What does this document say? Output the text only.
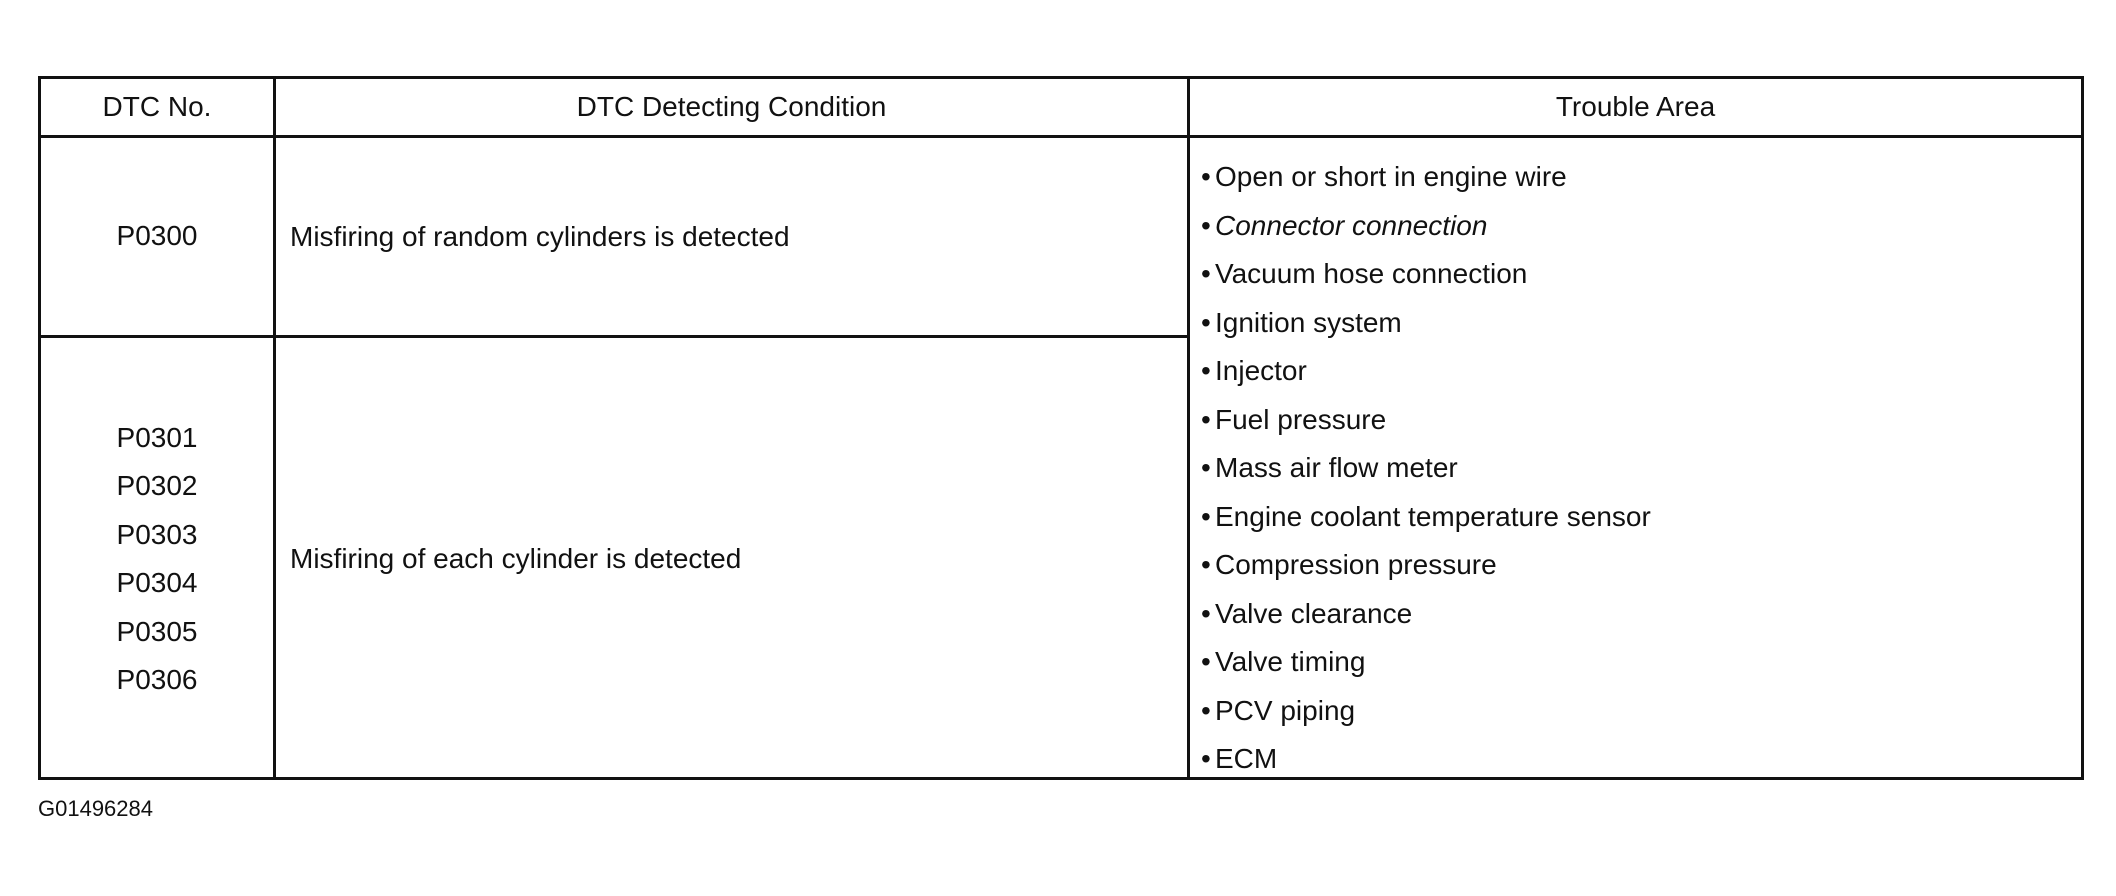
DTC No.	DTC Detecting Condition	Trouble Area
P0300
P0301
P0302
P0303
P0304
P0305
P0306
Misfiring of random cylinders is detected
Misfiring of each cylinder is detected
• Open or short in engine wire
• Connector connection
• Vacuum hose connection
• Ignition system
• Injector
• Fuel pressure
• Mass air flow meter
• Engine coolant temperature sensor
• Compression pressure
• Valve clearance
• Valve timing
• PCV piping
• ECM
G01496284
